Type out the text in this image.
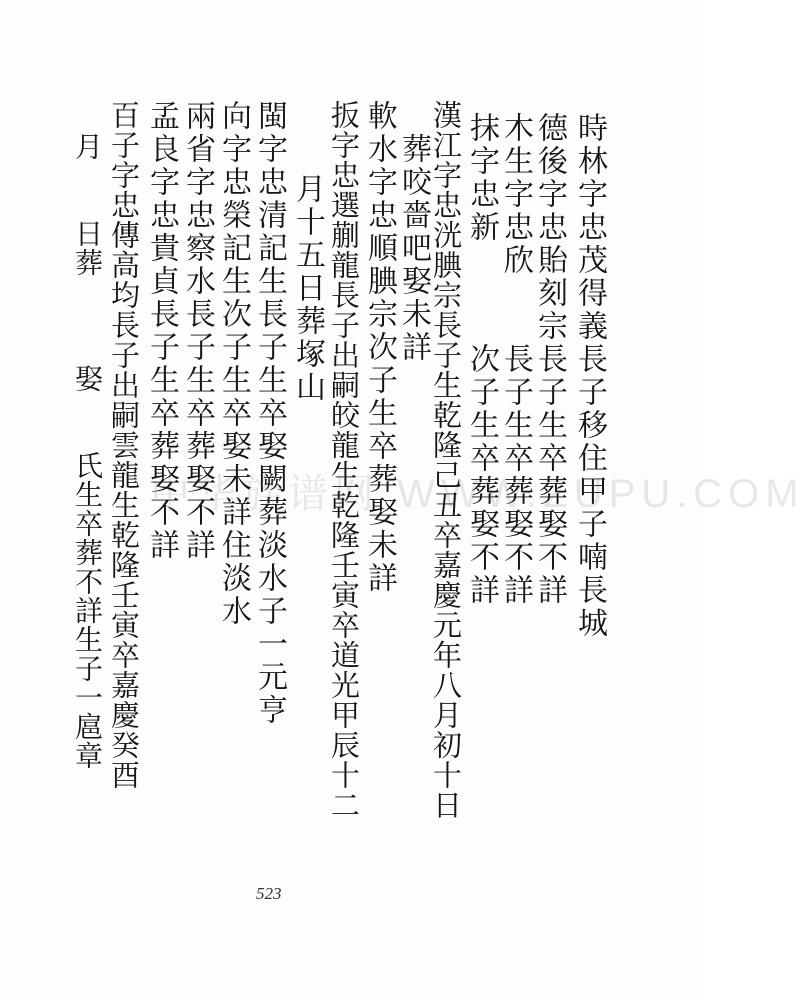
中华族谱网 WWW.ZUPU.COM
時林字忠茂得義長子移住甲子喃長城
德後字忠貽刻宗長子生卒葬娶不詳
木生字忠欣　　長子生卒葬娶不詳
抹字忠新　　　次子生卒葬娶不詳
漢江字忠洸腆宗長子生乾隆己丑卒嘉慶元年八月初十日
　葬咬嗇吧娶未詳
軟水字忠順腆宗次子生卒葬娶未詳
扳字忠選蒯龍長子出嗣皎龍生乾隆壬寅卒道光甲辰十二
　月十五日葬塚山
閩字忠清記生長子生卒娶闕葬淡水子一元亨
向字忠榮記生次子生卒娶未詳住淡水
兩省字忠察水長子生卒葬娶不詳
孟良字忠貴貞長子生卒葬娶不詳
百子字忠傳高均長子出嗣雲龍生乾隆壬寅卒嘉慶癸酉
月　　日葬　　　娶　　氏生卒葬不詳生子一扈章
523
